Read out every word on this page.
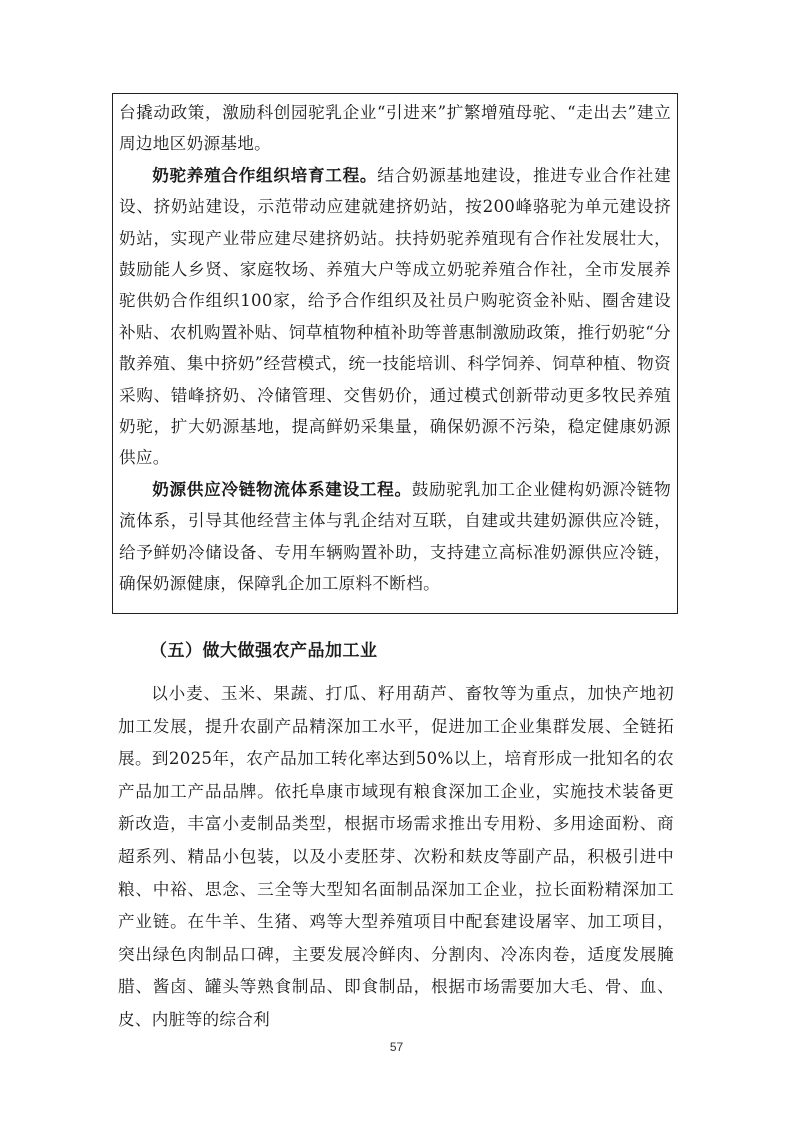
台撬动政策，激励科创园驼乳企业“引进来”扩繁增殖母驼、“走出去”建立周边地区奶源基地。

奶驼养殖合作组织培育工程。结合奶源基地建设，推进专业合作社建设、挤奶站建设，示范带动应建就建挤奶站，按200峰骆驼为单元建设挤奶站，实现产业带应建尽建挤奶站。扶持奶驼养殖现有合作社发展壮大，鼓励能人乡贤、家庭牧场、养殖大户等成立奶驼养殖合作社，全市发展养驼供奶合作组织100家，给予合作组织及社员户购驼资金补贴、圈舍建设补贴、农机购置补贴、饲草植物种植补助等普惠制激励政策，推行奶驼“分散养殖、集中挤奶”经营模式，统一技能培训、科学饲养、饲草种植、物资采购、错峰挤奶、冷储管理、交售奶价，通过模式创新带动更多牧民养殖奶驼，扩大奶源基地，提高鲜奶采集量，确保奶源不污染，稳定健康奶源供应。

奶源供应冷链物流体系建设工程。鼓励驼乳加工企业健构奶源冷链物流体系，引导其他经营主体与乳企结对互联，自建或共建奶源供应冷链，给予鲜奶冷储设备、专用车辆购置补助，支持建立高标准奶源供应冷链，确保奶源健康，保障乳企加工原料不断档。

（五）做大做强农产品加工业

以小麦、玉米、果蔬、打瓜、籽用葫芦、畜牧等为重点，加快产地初加工发展，提升农副产品精深加工水平，促进加工企业集群发展、全链拓展。到2025年，农产品加工转化率达到50%以上，培育形成一批知名的农产品加工产品品牌。依托阜康市域现有粮食深加工企业，实施技术装备更新改造，丰富小麦制品类型，根据市场需求推出专用粉、多用途面粉、商超系列、精品小包装，以及小麦胚芽、次粉和麸皮等副产品，积极引进中粮、中裕、思念、三全等大型知名面制品深加工企业，拉长面粉精深加工产业链。在牛羊、生猪、鸡等大型养殖项目中配套建设屠宰、加工项目，突出绿色肉制品口碑，主要发展冷鲜肉、分割肉、冷冻肉卷，适度发展腌腊、酱卤、罐头等熟食制品、即食制品，根据市场需要加大毛、骨、血、皮、内脏等的综合利

57
